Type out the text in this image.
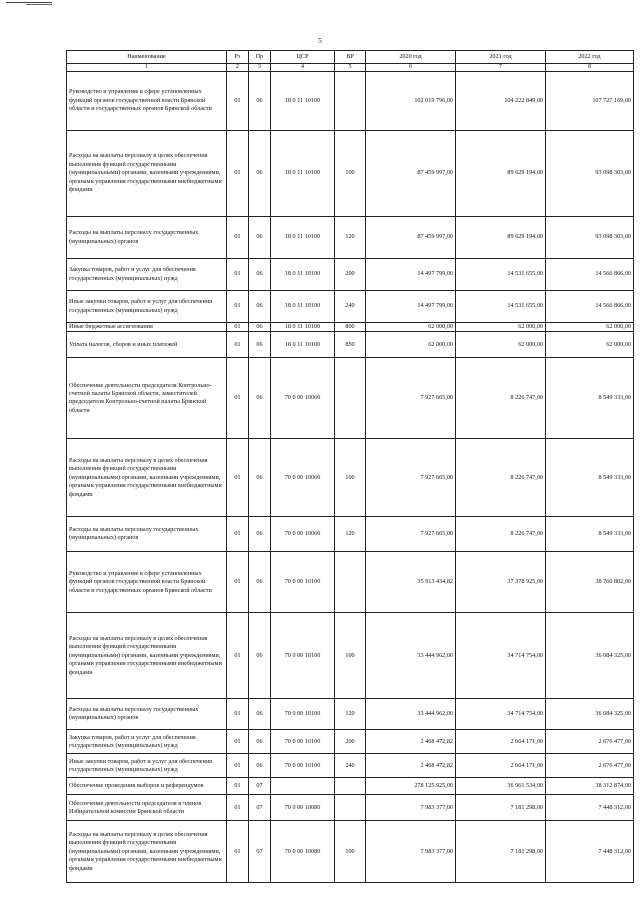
5
Наименование	Рз	Пр	ЦСР	ВР	2020 год	2021 год	2022 год
1	2	3	4	5	6	7	8
Руководство и управление в сфере установленных функций органов государственной власти Брянской области и государственных органов Брянской области	01	06	18 0 11 10100		102 019 796,00	104 222 849,00	107 727 169,00
Расходы на выплаты персоналу в целях обеспечения выполнения функций государственными (муниципальными) органами, казенными учреждениями, органами управления государственными внебюджетными фондами	01	06	18 0 11 10100	100	87 459 997,00	89 629 194,00	93 098 303,00
Расходы на выплаты персоналу государственных (муниципальных) органов	01	06	18 0 11 10100	120	87 459 997,00	89 629 194,00	93 098 303,00
Закупка товаров, работ и услуг для обеспечения государственных (муниципальных) нужд	01	06	18 0 11 10100	200	14 497 799,00	14 531 655,00	14 566 866,00
Иные закупки товаров, работ и услуг для обеспечения государственных (муниципальных) нужд	01	06	18 0 11 10100	240	14 497 799,00	14 531 655,00	14 566 866,00
Иные бюджетные ассигнования	01	06	18 0 11 10100	800	62 000,00	62 000,00	62 000,00
Уплата налогов, сборов и иных платежей	01	06	18 0 11 10100	850	62 000,00	62 000,00	62 000,00
Обеспечение деятельности председателя Контрольно-счетной палаты Брянской области, заместителей председателя Контрольно-счетной палаты Брянской области	01	06	70 0 00 10060		7 927 665,00	8 226 747,00	8 549 333,00
Расходы на выплаты персоналу в целях обеспечения выполнения функций государственными (муниципальными) органами, казенными учреждениями, органами управления государственными внебюджетными фондами	01	06	70 0 00 10060	100	7 927 665,00	8 226 747,00	8 549 333,00
Расходы на выплаты персоналу государственных (муниципальных) органов	01	06	70 0 00 10060	120	7 927 665,00	8 226 747,00	8 549 333,00
Руководство и управление в сфере установленных функций органов государственной власти Брянской области и государственных органов Брянской области	01	06	70 0 00 10100		35 913 434,82	37 378 925,00	38 760 802,00
Расходы на выплаты персоналу в целях обеспечения выполнения функций государственными (муниципальными) органами, казенными учреждениями, органами управления государственными внебюджетными фондами	01	06	70 0 00 10100	100	33 444 962,00	34 714 754,00	36 084 325,00
Расходы на выплаты персоналу государственных (муниципальных) органов	01	06	70 0 00 10100	120	33 444 962,00	34 714 754,00	36 084 325,00
Закупка товаров, работ и услуг для обеспечения государственных (муниципальных) нужд	01	06	70 0 00 10100	200	2 468 472,82	2 664 171,00	2 676 477,00
Иные закупки товаров, работ и услуг для обеспечения государственных (муниципальных) нужд	01	06	70 0 00 10100	240	2 468 472,82	2 664 171,00	2 676 477,00
Обеспечение проведения выборов и референдумов	01	07			278 125 925,00	36 961 534,00	38 312 874,00
Обеспечение деятельности председателя и членов Избирательной комиссии Брянской области	01	07	70 0 00 10080		7 983 377,00	7 181 298,00	7 448 312,00
Расходы на выплаты персоналу в целях обеспечения выполнения функций государственными (муниципальными) органами, казенными учреждениями, органами управления государственными внебюджетными фондами	01	07	70 0 00 10080	100	7 983 377,00	7 181 298,00	7 448 312,00
